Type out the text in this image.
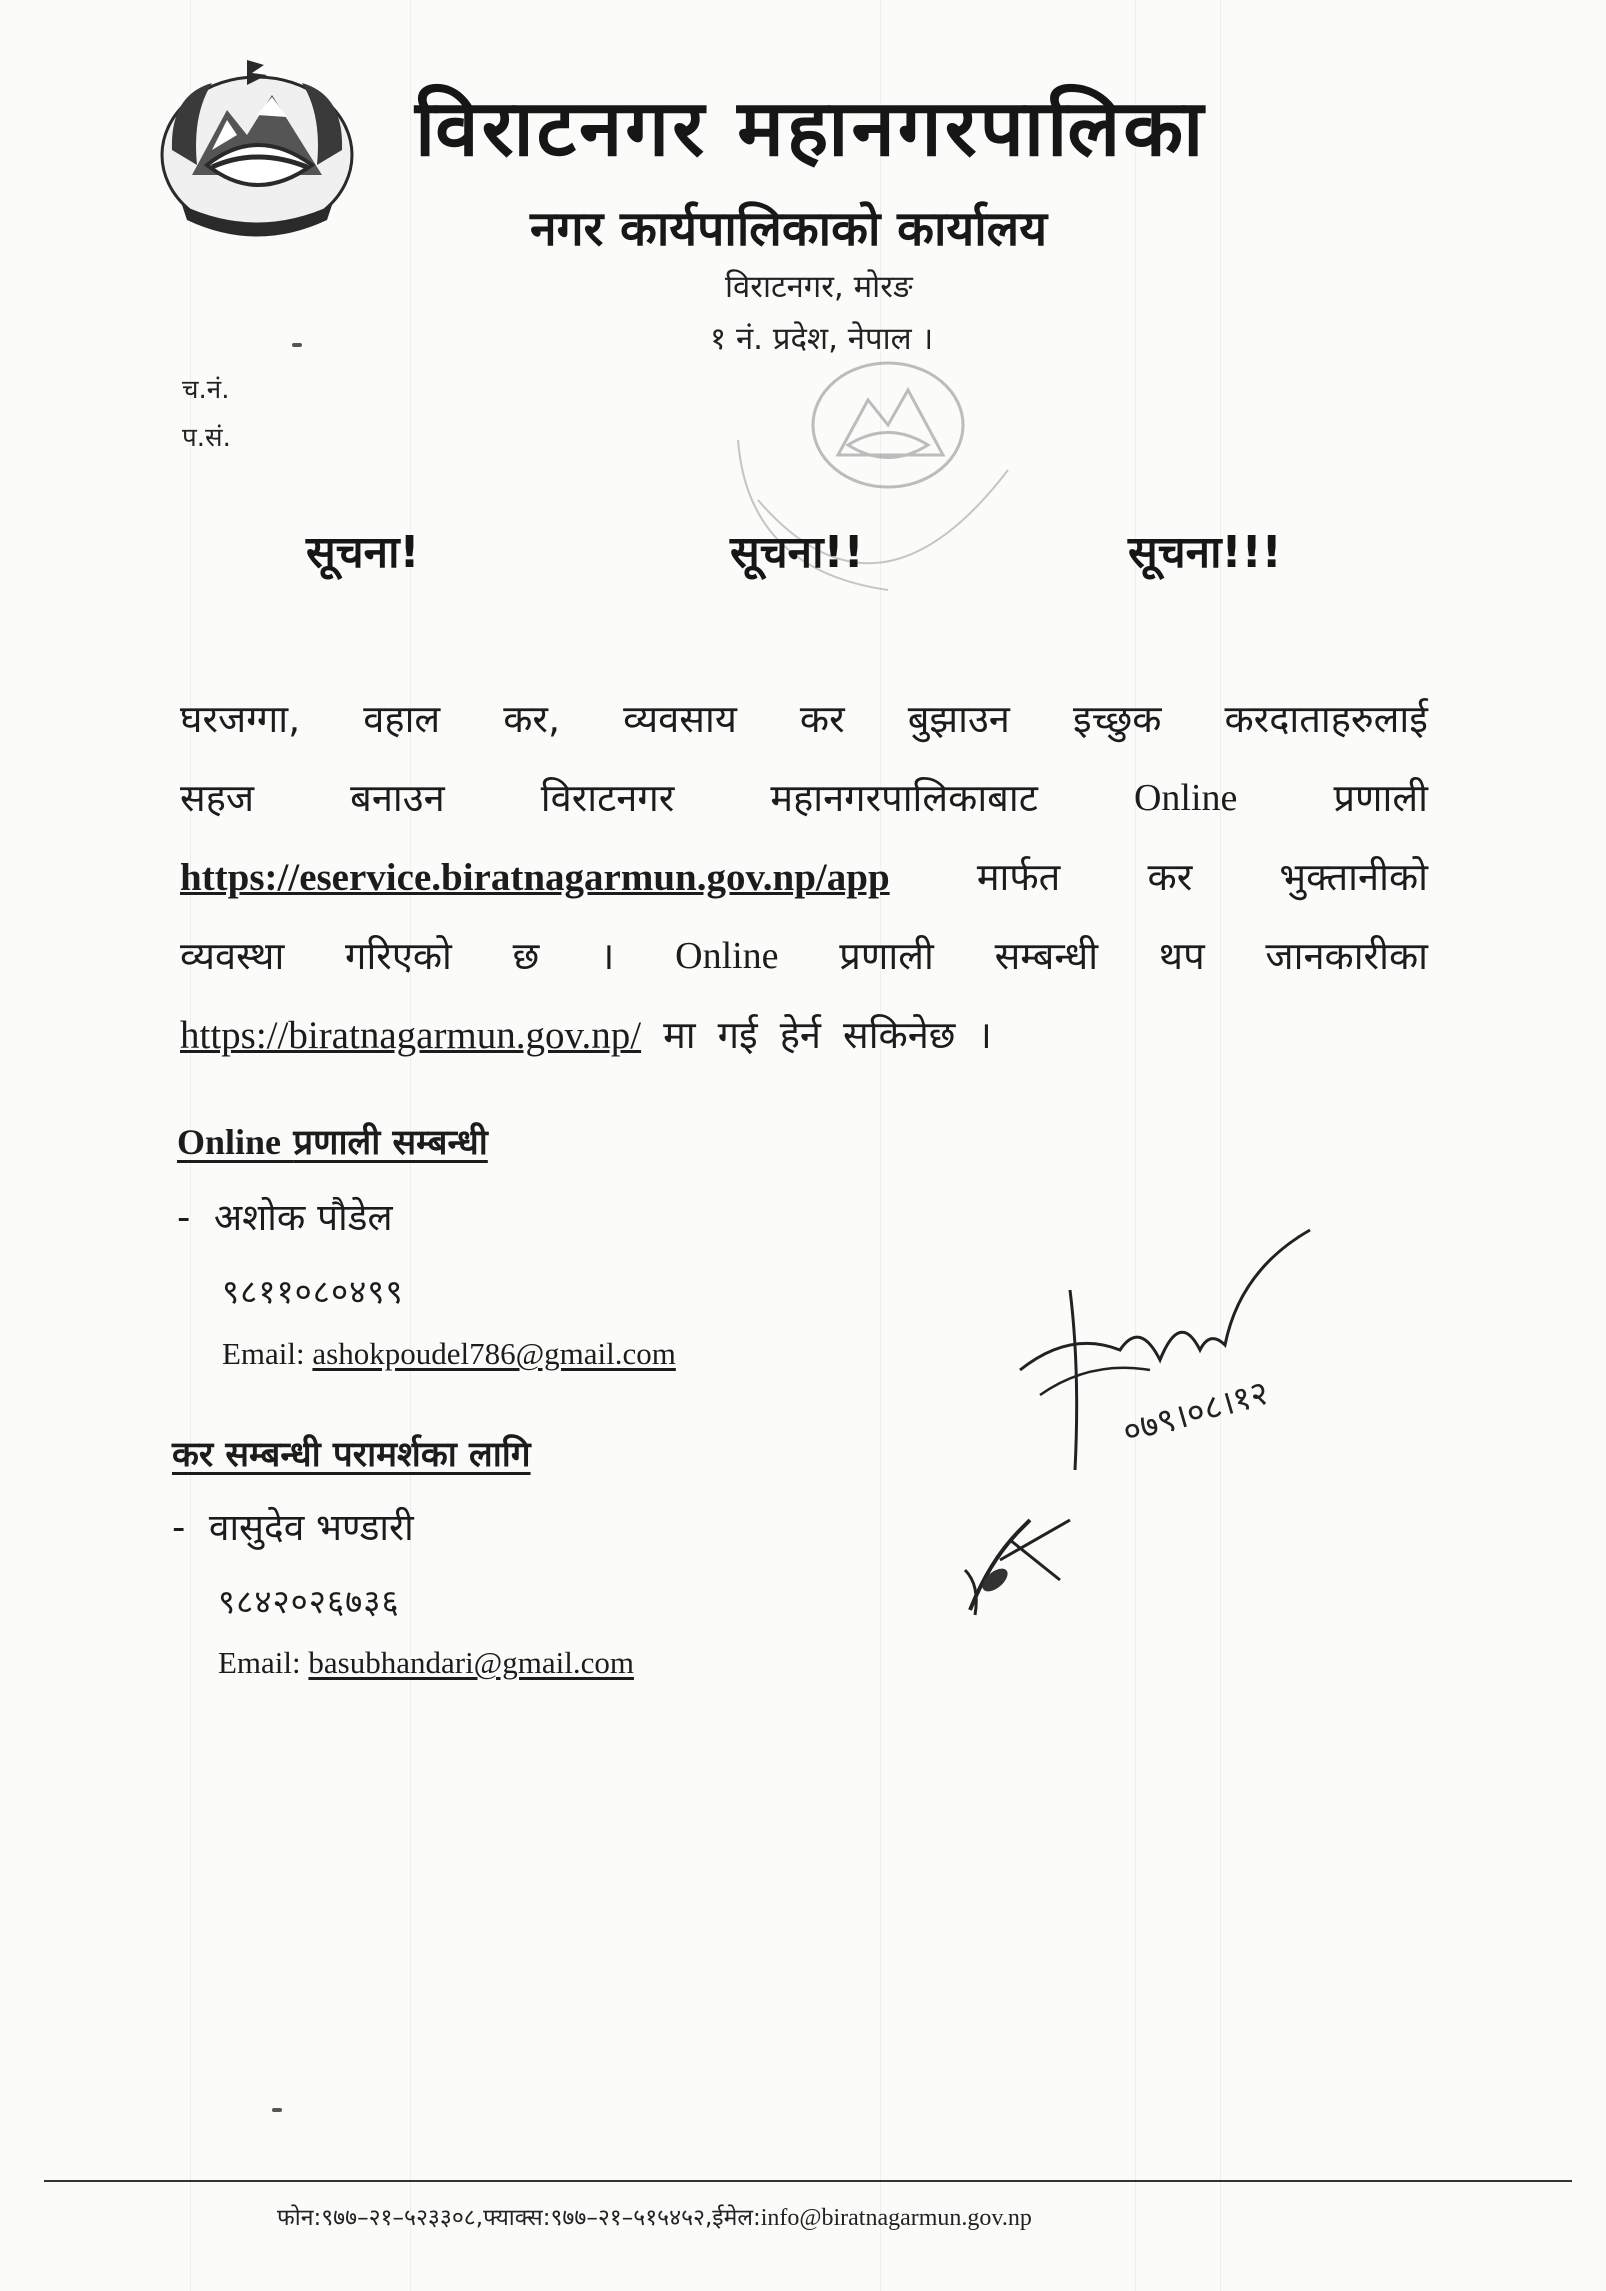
विराटनगर महानगरपालिका
नगर कार्यपालिकाको कार्यालय
विराटनगर, मोरङ
१ नं. प्रदेश, नेपाल ।
च.नं.
प.सं.
सूचना!	सूचना!!	सूचना!!!
घरजग्गा, वहाल कर, व्यवसाय कर बुझाउन इच्छुक करदाताहरुलाई
सहज	बनाउन	विराटनगर	महानगरपालिकाबाट	Online	प्रणाली
https://eservice.biratnagarmun.gov.np/app मार्फत कर भुक्तानीको
व्यवस्था गरिएको छ । Online प्रणाली सम्बन्धी थप जानकारीका
https://biratnagarmun.gov.np/ मा गई हेर्न सकिनेछ ।
Online प्रणाली सम्बन्धी
-  अशोक पौडेल
९८११०८०४९९
Email: ashokpoudel786@gmail.com
कर सम्बन्धी परामर्शका लागि
-  वासुदेव भण्डारी
९८४२०२६७३६
Email: basubhandari@gmail.com
०७९।०८।१२
फोन:९७७–२१–५२३३०८,फ्याक्स:९७७–२१–५१५४५२,ईमेल:info@biratnagarmun.gov.np
